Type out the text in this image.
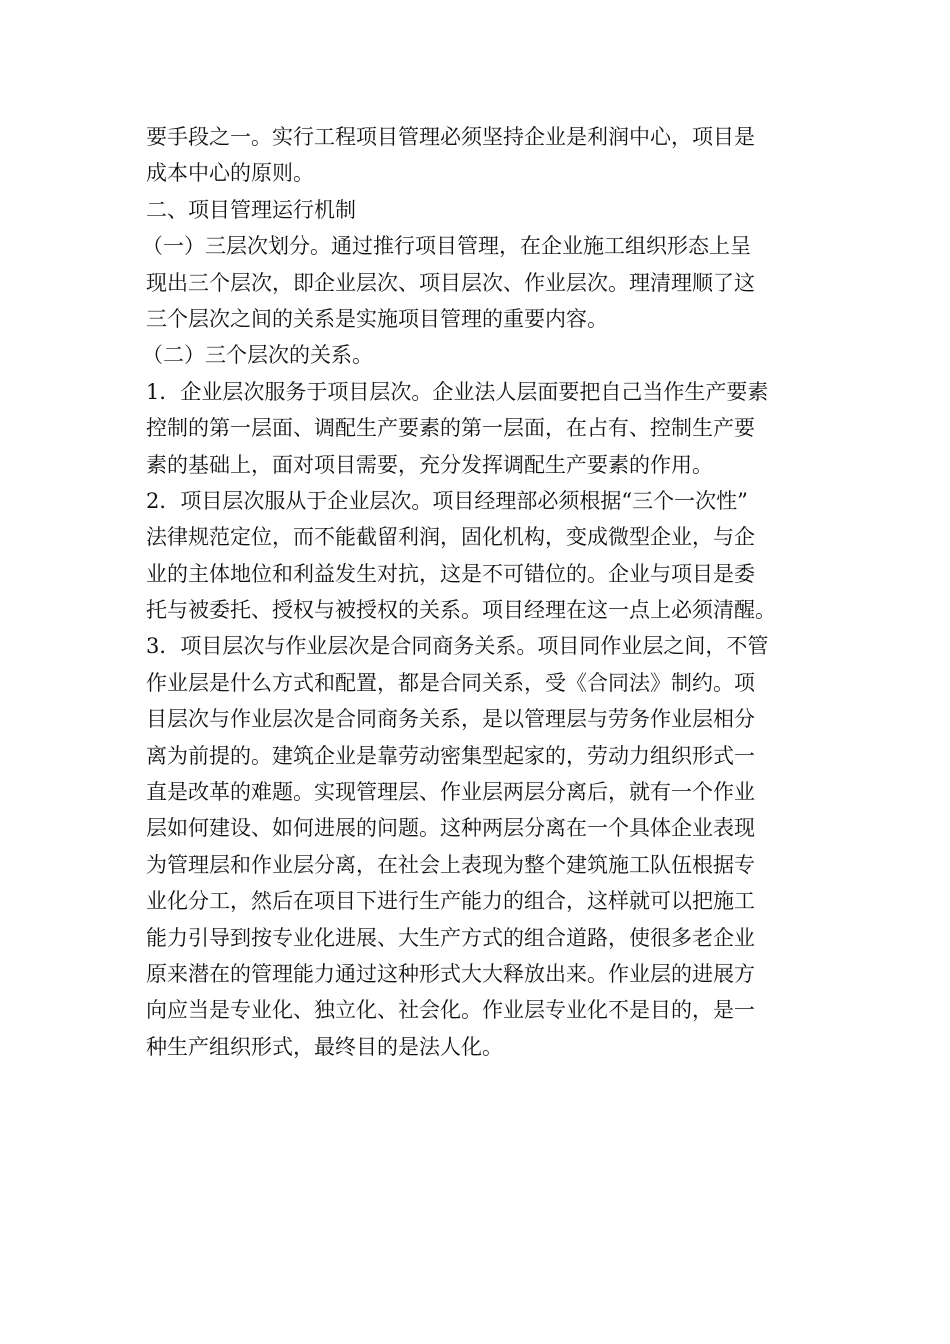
要手段之一。实行工程项目管理必须坚持企业是利润中心，项目是
成本中心的原则。
二、项目管理运行机制
（一）三层次划分。通过推行项目管理，在企业施工组织形态上呈
现出三个层次，即企业层次、项目层次、作业层次。理清理顺了这
三个层次之间的关系是实施项目管理的重要内容。
（二）三个层次的关系。
1．企业层次服务于项目层次。企业法人层面要把自己当作生产要素
控制的第一层面、调配生产要素的第一层面，在占有、控制生产要
素的基础上，面对项目需要，充分发挥调配生产要素的作用。
2．项目层次服从于企业层次。项目经理部必须根据“三个一次性”
法律规范定位，而不能截留利润，固化机构，变成微型企业，与企
业的主体地位和利益发生对抗，这是不可错位的。企业与项目是委
托与被委托、授权与被授权的关系。项目经理在这一点上必须清醒。
3．项目层次与作业层次是合同商务关系。项目同作业层之间，不管
作业层是什么方式和配置，都是合同关系，受《合同法》制约。项
目层次与作业层次是合同商务关系，是以管理层与劳务作业层相分
离为前提的。建筑企业是靠劳动密集型起家的，劳动力组织形式一
直是改革的难题。实现管理层、作业层两层分离后，就有一个作业
层如何建设、如何进展的问题。这种两层分离在一个具体企业表现
为管理层和作业层分离，在社会上表现为整个建筑施工队伍根据专
业化分工，然后在项目下进行生产能力的组合，这样就可以把施工
能力引导到按专业化进展、大生产方式的组合道路，使很多老企业
原来潜在的管理能力通过这种形式大大释放出来。作业层的进展方
向应当是专业化、独立化、社会化。作业层专业化不是目的，是一
种生产组织形式，最终目的是法人化。
